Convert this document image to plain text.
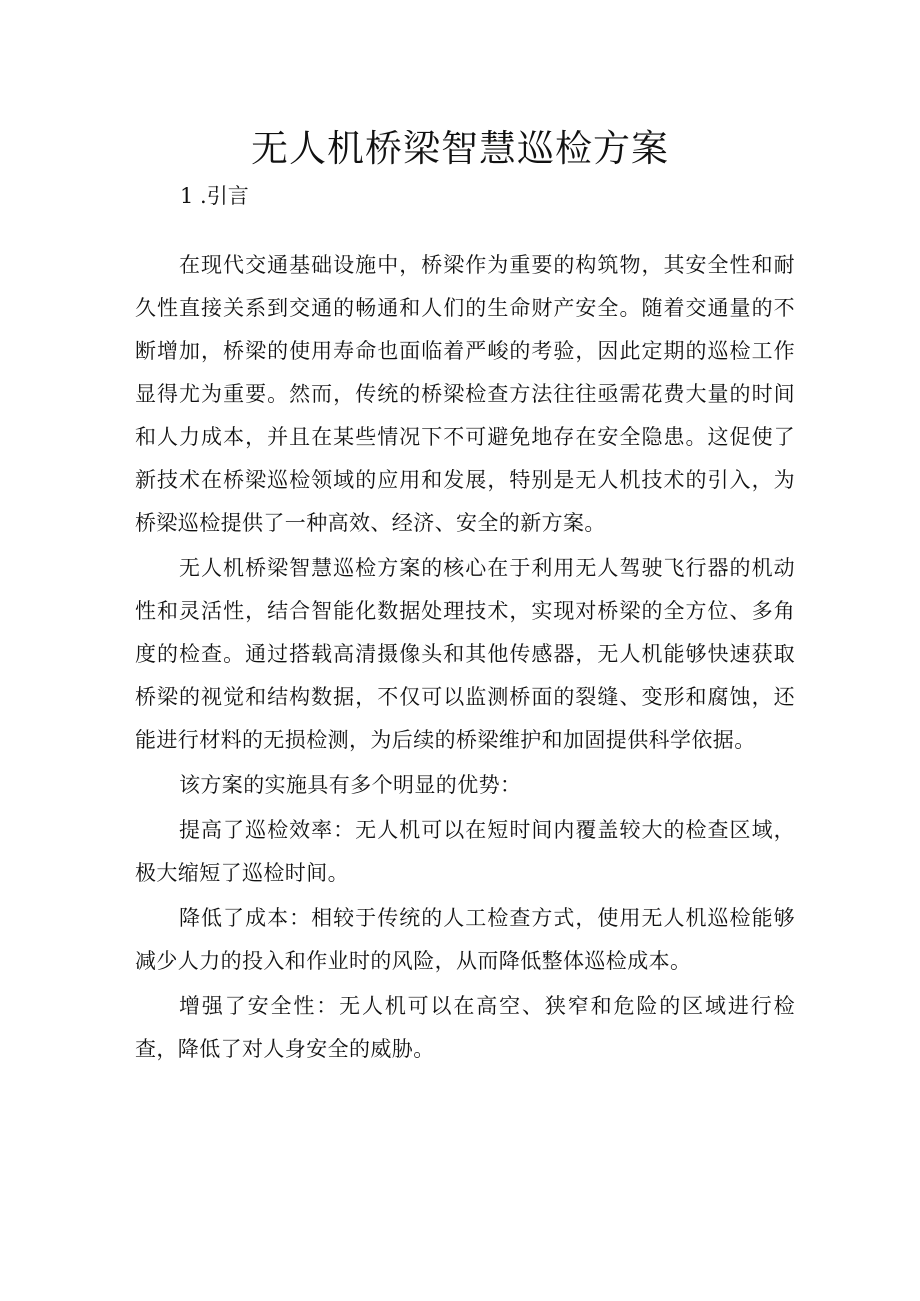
无人机桥梁智慧巡检方案
1 .引言

在现代交通基础设施中，桥梁作为重要的构筑物，其安全性和耐久性直接关系到交通的畅通和人们的生命财产安全。随着交通量的不断增加，桥梁的使用寿命也面临着严峻的考验，因此定期的巡检工作显得尤为重要。然而，传统的桥梁检查方法往往亟需花费大量的时间和人力成本，并且在某些情况下不可避免地存在安全隐患。这促使了新技术在桥梁巡检领域的应用和发展，特别是无人机技术的引入，为桥梁巡检提供了一种高效、经济、安全的新方案。

无人机桥梁智慧巡检方案的核心在于利用无人驾驶飞行器的机动性和灵活性，结合智能化数据处理技术，实现对桥梁的全方位、多角度的检查。通过搭载高清摄像头和其他传感器，无人机能够快速获取桥梁的视觉和结构数据，不仅可以监测桥面的裂缝、变形和腐蚀，还能进行材料的无损检测，为后续的桥梁维护和加固提供科学依据。

该方案的实施具有多个明显的优势：

提高了巡检效率：无人机可以在短时间内覆盖较大的检查区域，极大缩短了巡检时间。

降低了成本：相较于传统的人工检查方式，使用无人机巡检能够减少人力的投入和作业时的风险，从而降低整体巡检成本。

增强了安全性：无人机可以在高空、狭窄和危险的区域进行检查，降低了对人身安全的威胁。
